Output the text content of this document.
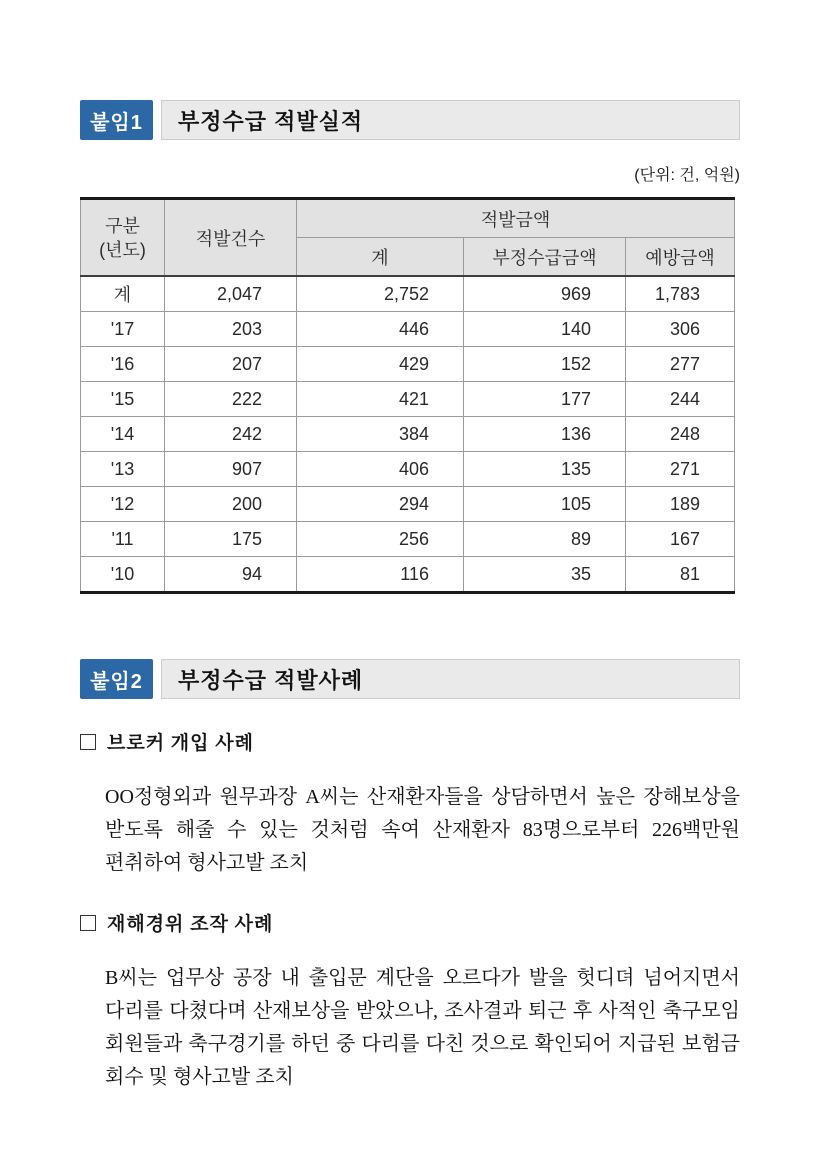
붙임1	부정수급 적발실적
(단위: 건, 억원)
구분
(년도)	적발건수	적발금액		
		계	부정수급금액	예방금액
계	2,047	2,752	969	1,783
'17	203	446	140	306
'16	207	429	152	277
'15	222	421	177	244
'14	242	384	136	248
'13	907	406	135	271
'12	200	294	105	189
'11	175	256	89	167
'10	94	116	35	81
붙임2	부정수급 적발사례
브로커 개입 사례
OO정형외과 원무과장 A씨는 산재환자들을 상담하면서 높은 장해보상을 받도록 해줄 수 있는 것처럼 속여 산재환자 83명으로부터 226백만원 편취하여 형사고발 조치
재해경위 조작 사례
B씨는 업무상 공장 내 출입문 계단을 오르다가 발을 헛디뎌 넘어지면서 다리를 다쳤다며 산재보상을 받았으나, 조사결과 퇴근 후 사적인 축구모임 회원들과 축구경기를 하던 중 다리를 다친 것으로 확인되어 지급된 보험금 회수 및 형사고발 조치
